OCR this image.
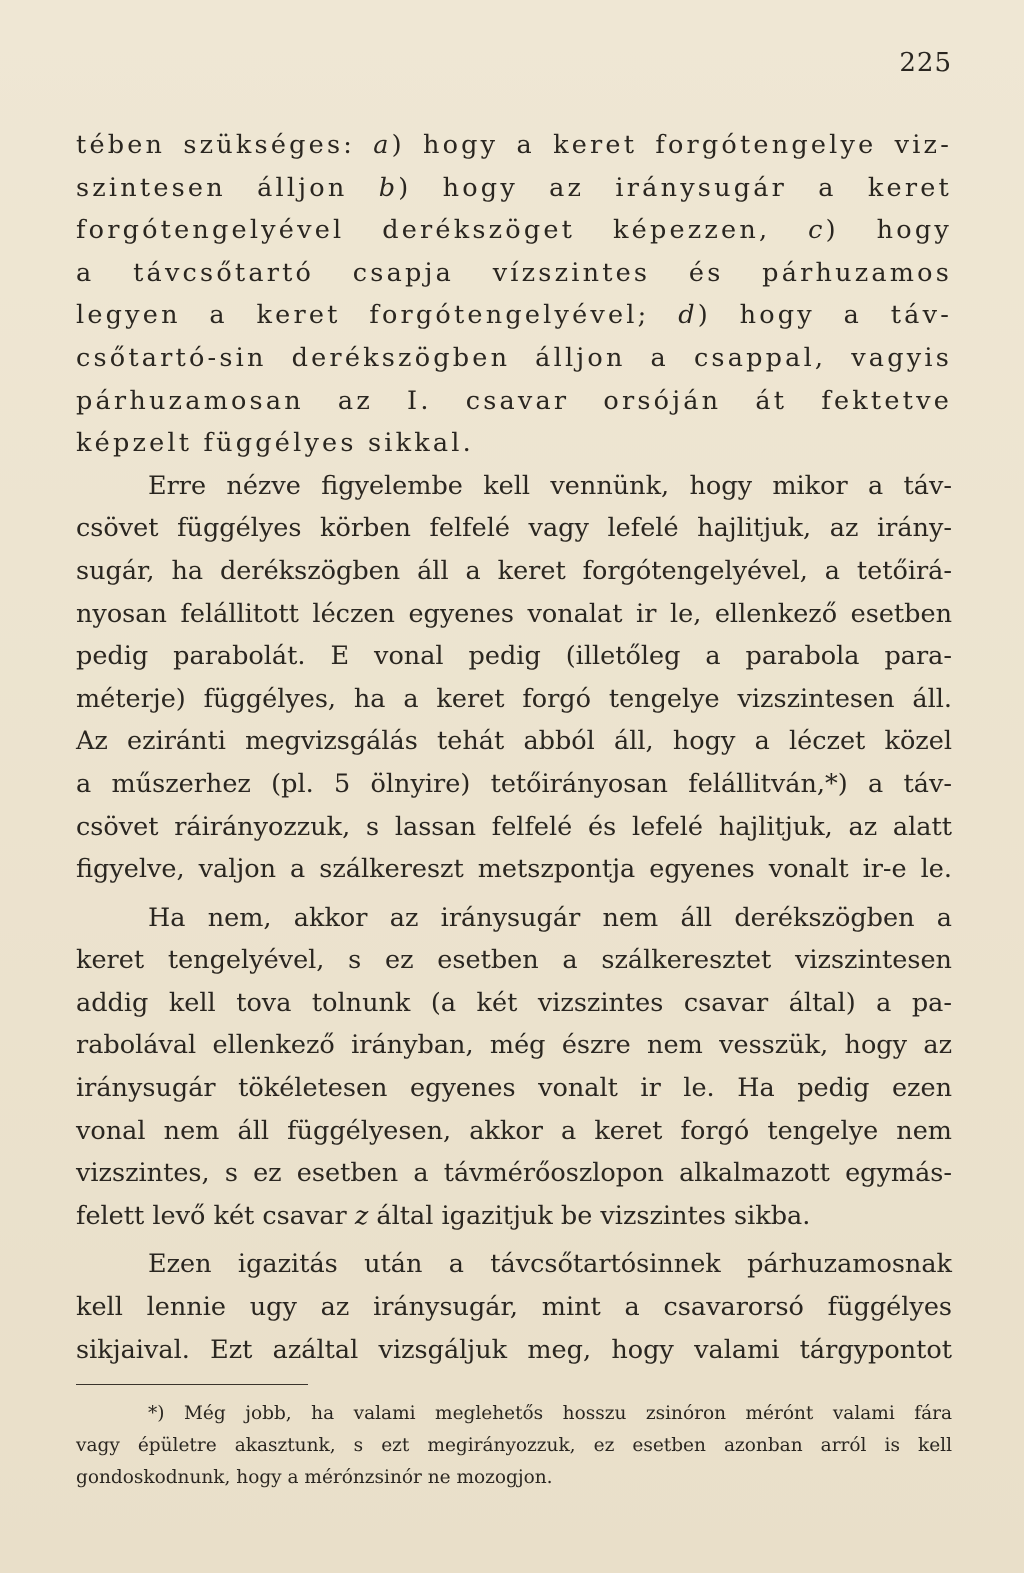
225
tében szükséges: a) hogy a keret forgótengelye viz-
szintesen álljon b) hogy az iránysugár a keret
forgótengelyével derékszöget képezzen, c) hogy
a távcsőtartó csapja vízszintes és párhuzamos
legyen a keret forgótengelyével; d) hogy a táv-
csőtartó-sin derékszögben álljon a csappal, vagyis
párhuzamosan az I. csavar orsóján át fektetve
képzelt függélyes sikkal.
Erre nézve figyelembe kell vennünk, hogy mikor a táv-
csövet függélyes körben felfelé vagy lefelé hajlitjuk, az irány-
sugár, ha derékszögben áll a keret forgótengelyével, a tetőirá-
nyosan felállitott léczen egyenes vonalat ir le, ellenkező esetben
pedig parabolát. E vonal pedig (illetőleg a parabola para-
méterje) függélyes, ha a keret forgó tengelye vizszintesen áll.
Az eziránti megvizsgálás tehát abból áll, hogy a léczet közel
a műszerhez (pl. 5 ölnyire) tetőirányosan felállitván,*) a táv-
csövet ráirányozzuk, s lassan felfelé és lefelé hajlitjuk, az alatt
figyelve, valjon a szálkereszt metszpontja egyenes vonalt ir-e le.
Ha nem, akkor az iránysugár nem áll derékszögben a
keret tengelyével, s ez esetben a szálkeresztet vizszintesen
addig kell tova tolnunk (a két vizszintes csavar által) a pa-
rabolával ellenkező irányban, még észre nem vesszük, hogy az
iránysugár tökéletesen egyenes vonalt ir le. Ha pedig ezen
vonal nem áll függélyesen, akkor a keret forgó tengelye nem
vizszintes, s ez esetben a távmérőoszlopon alkalmazott egymás-
felett levő két csavar z által igazitjuk be vizszintes sikba.
Ezen igazitás után a távcsőtartósinnek párhuzamosnak
kell lennie ugy az iránysugár, mint a csavarorsó függélyes
sikjaival. Ezt azáltal vizsgáljuk meg, hogy valami tárgypontot
*) Még jobb, ha valami meglehetős hosszu zsinóron mérónt valami fára
vagy épületre akasztunk, s ezt megirányozzuk, ez esetben azonban arról is kell
gondoskodnunk, hogy a mérónzsinór ne mozogjon.
